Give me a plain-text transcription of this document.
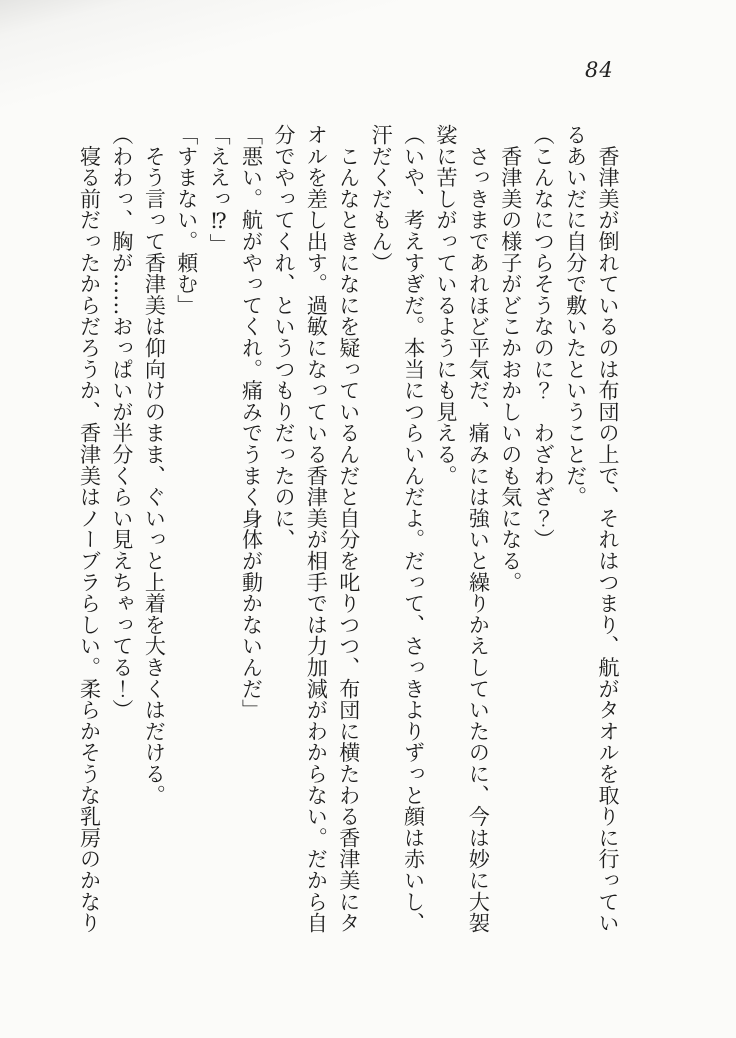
84

　香津美が倒れているのは布団の上で、それはつまり、航がタオルを取りに行ってい

るあいだに自分で敷いたということだ。

（こんなにつらそうなのに？　わざわざ？）

　香津美の様子がどこかおかしいのも気になる。

　さっきまであれほど平気だ、痛みには強いと繰りかえしていたのに、今は妙に大袈

裟に苦しがっているようにも見える。

（いや、考えすぎだ。本当につらいんだよ。だって、さっきよりずっと顔は赤いし、

汗だくだもん）

　こんなときになにを疑っているんだと自分を叱りつつ、布団に横たわる香津美にタ

オルを差し出す。過敏になっている香津美が相手では力加減がわからない。だから自

分でやってくれ、というつもりだったのに、

「悪い。航がやってくれ。痛みでうまく身体が動かないんだ」

「ええっ⁉」

「すまない。頼む」

　そう言って香津美は仰向けのまま、ぐいっと上着を大きくはだける。

（わわっ、胸が……おっぱいが半分くらい見えちゃってる！）

　寝る前だったからだろうか、香津美はノーブラらしい。柔らかそうな乳房のかなり
